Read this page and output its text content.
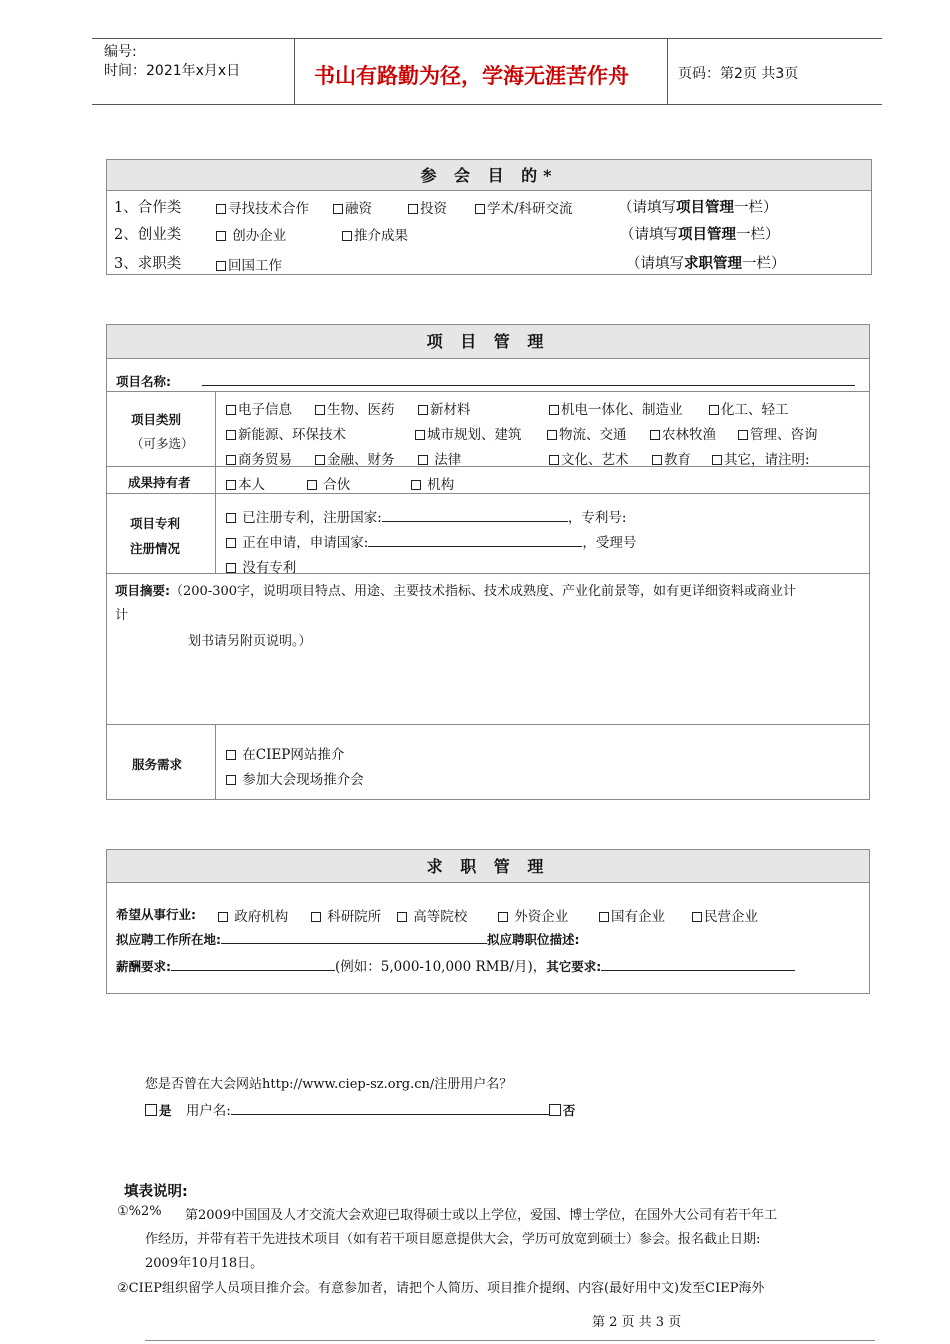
编号:
时间：2021年x月x日	书山有路勤为径，学海无涯苦作舟	页码：第2页 共3页
参 会 目 的*
1、合作类	寻找技术合作	融资	投资	学术/科研交流	（请填写项目管理一栏）
2、创业类	创办企业	推介成果	（请填写项目管理一栏）
3、求职类	回国工作	（请填写求职管理一栏）
项 目 管 理
项目名称:
项目类别
（可多选）
电子信息	生物、医药	新材料	机电一体化、制造业	化工、轻工
新能源、环保技术	城市规划、建筑	物流、交通	农林牧渔	管理、咨询
商务贸易	金融、财务	法律	文化、艺术	教育	其它，请注明:
成果持有者	本人	合伙	机构
项目专利
注册情况
已注册专利，注册国家:	，专利号:
正在申请，申请国家:	，受理号
没有专利
项目摘要:（200-300字，说明项目特点、用途、主要技术指标、技术成熟度、产业化前景等，如有更详细资料或商业计
划书请另附页说明。）
计
服务需求
在CIEP网站推介
参加大会现场推介会
求 职 管 理
希望从事行业:	政府机构	科研院所	高等院校	外资企业	国有企业	民营企业
拟应聘工作所在地:	拟应聘职位描述:
薪酬要求:	(例如：5,000-10,000 RMB/月)，其它要求:
您是否曾在大会网站http://www.ciep-sz.org.cn/注册用户名？
是 用户名:	否
填表说明:
①%2% 第2009中国国及人才交流大会欢迎已取得硕士或以上学位，爱国、博士学位，在国外大公司有若干年工
作经历，并带有若干先进技术项目（如有若干项目愿意提供大会，学历可放宽到硕士）参会。报名截止日期:
2009年10月18日。
②CIEP组织留学人员项目推介会。有意参加者，请把个人简历、项目推介提纲、内容(最好用中文)发至CIEP海外
第 2 页 共 3 页
